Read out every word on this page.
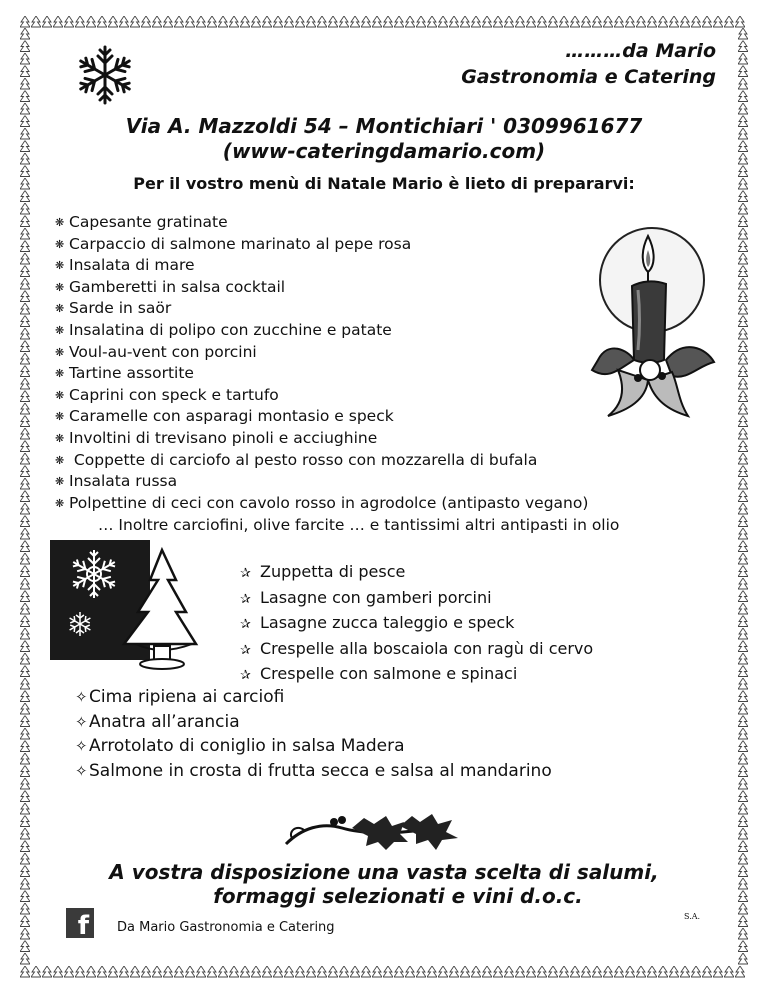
………da Mario
Gastronomia e Catering
Via A. Mazzoldi 54 – Montichiari ' 0309961677
(www-cateringdamario.com)
Per il vostro menù di Natale Mario è lieto di prepararvi:
❋ Capesante gratinate
❋ Carpaccio di salmone marinato al pepe rosa
❋ Insalata di mare
❋ Gamberetti in salsa cocktail
❋ Sarde in saör
❋ Insalatina di polipo con zucchine e patate
❋ Voul-au-vent con porcini
❋ Tartine assortite
❋ Caprini con speck e tartufo
❋ Caramelle con asparagi montasio e speck
❋ Involtini di trevisano pinoli e acciughine
❋ Coppette di carciofo al pesto rosso con mozzarella di bufala
❋ Insalata russa
❋ Polpettine di ceci con cavolo rosso in agrodolce (antipasto vegano)
… Inoltre carciofini, olive farcite … e tantissimi altri antipasti in olio
✰ Zuppetta di pesce
✰ Lasagne con gamberi porcini
✰ Lasagne zucca taleggio e speck
✰ Crespelle alla boscaiola con ragù di cervo
✰ Crespelle con salmone e spinaci
✧Cima ripiena ai carciofi
✧Anatra all’arancia
✧Arrotolato di coniglio in salsa Madera
✧Salmone in crosta di frutta secca e salsa al mandarino
A vostra disposizione una vasta scelta di salumi,
formaggi selezionati e vini d.o.c.
f	Da Mario Gastronomia e Catering
S.A.
